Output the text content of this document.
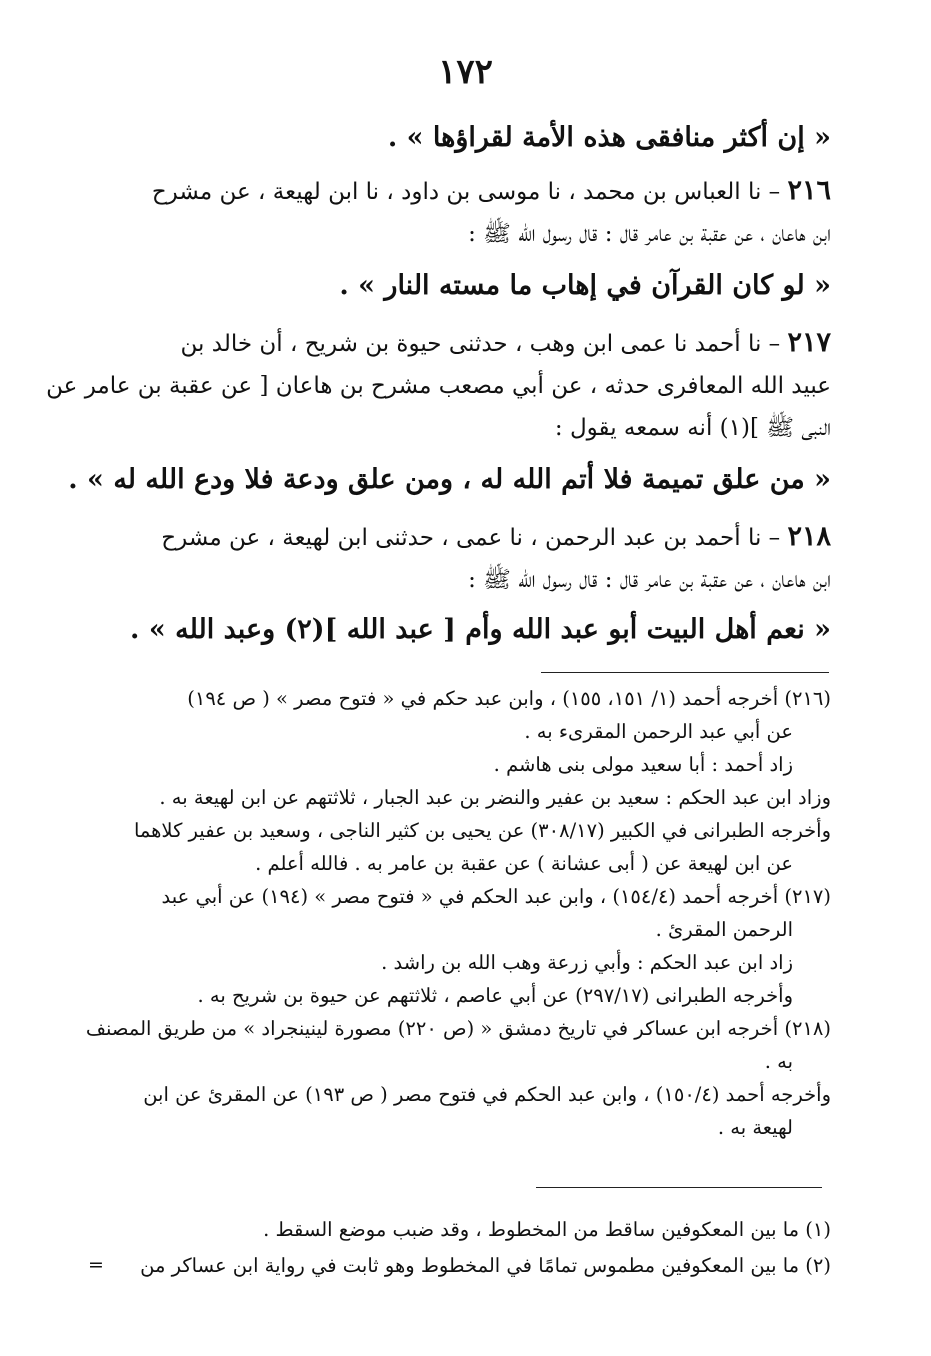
١٧٢
« إن أكثر منافقى هذه الأمة لقراؤها » .
٢١٦ – نا العباس بن محمد ، نا موسى بن داود ، نا ابن لهيعة ، عن مشرح
ابن هاعان ، عن عقبة بن عامر قال : قال رسول الله ﷺ :
« لو كان القرآن في إهاب ما مسته النار » .
٢١٧ – نا أحمد نا عمى ابن وهب ، حدثنى حيوة بن شريح ، أن خالد بن
عبيد الله المعافرى حدثه ، عن أبي مصعب مشرح بن هاعان [ عن عقبة بن عامر عن
النبى ﷺ ](١) أنه سمعه يقول :
« من علق تميمة فلا أتم الله له ، ومن علق ودعة فلا ودع الله له » .
٢١٨ – نا أحمد بن عبد الرحمن ، نا عمى ، حدثنى ابن لهيعة ، عن مشرح
ابن هاعان ، عن عقبة بن عامر قال : قال رسول الله ﷺ :
« نعم أهل البيت أبو عبد الله وأم [ عبد الله ](٢) وعبد الله » .
(٢١٦) أخرجه أحمد (١/ ١٥١، ١٥٥) ، وابن عبد حكم في « فتوح مصر » ( ص ١٩٤)
عن أبي عبد الرحمن المقرىء به .
زاد أحمد : أبا سعيد مولى بنى هاشم .
وزاد ابن عبد الحكم : سعيد بن عفير والنضر بن عبد الجبار ، ثلاثتهم عن ابن لهيعة به .
وأخرجه الطبرانى في الكبير (٣٠٨/١٧) عن يحيى بن كثير الناجى ، وسعيد بن عفير كلاهما
عن ابن لهيعة عن ( أبى عشانة ) عن عقبة بن عامر به . فالله أعلم .
(٢١٧) أخرجه أحمد (١٥٤/٤) ، وابن عبد الحكم في « فتوح مصر » (١٩٤) عن أبي عبد
الرحمن المقرئ .
زاد ابن عبد الحكم : وأبي زرعة وهب الله بن راشد .
وأخرجه الطبرانى (٢٩٧/١٧) عن أبي عاصم ، ثلاثتهم عن حيوة بن شريح به .
(٢١٨) أخرجه ابن عساكر في تاريخ دمشق « (ص ٢٢٠) مصورة لينينجراد » من طريق المصنف
به .
وأخرجه أحمد (١٥٠/٤) ، وابن عبد الحكم في فتوح مصر ( ص ١٩٣) عن المقرئ عن ابن
لهيعة به .
(١) ما بين المعكوفين ساقط من المخطوط ، وقد ضبب موضع السقط .
(٢) ما بين المعكوفين مطموس تمامًا في المخطوط وهو ثابت في رواية ابن عساكر من
=
